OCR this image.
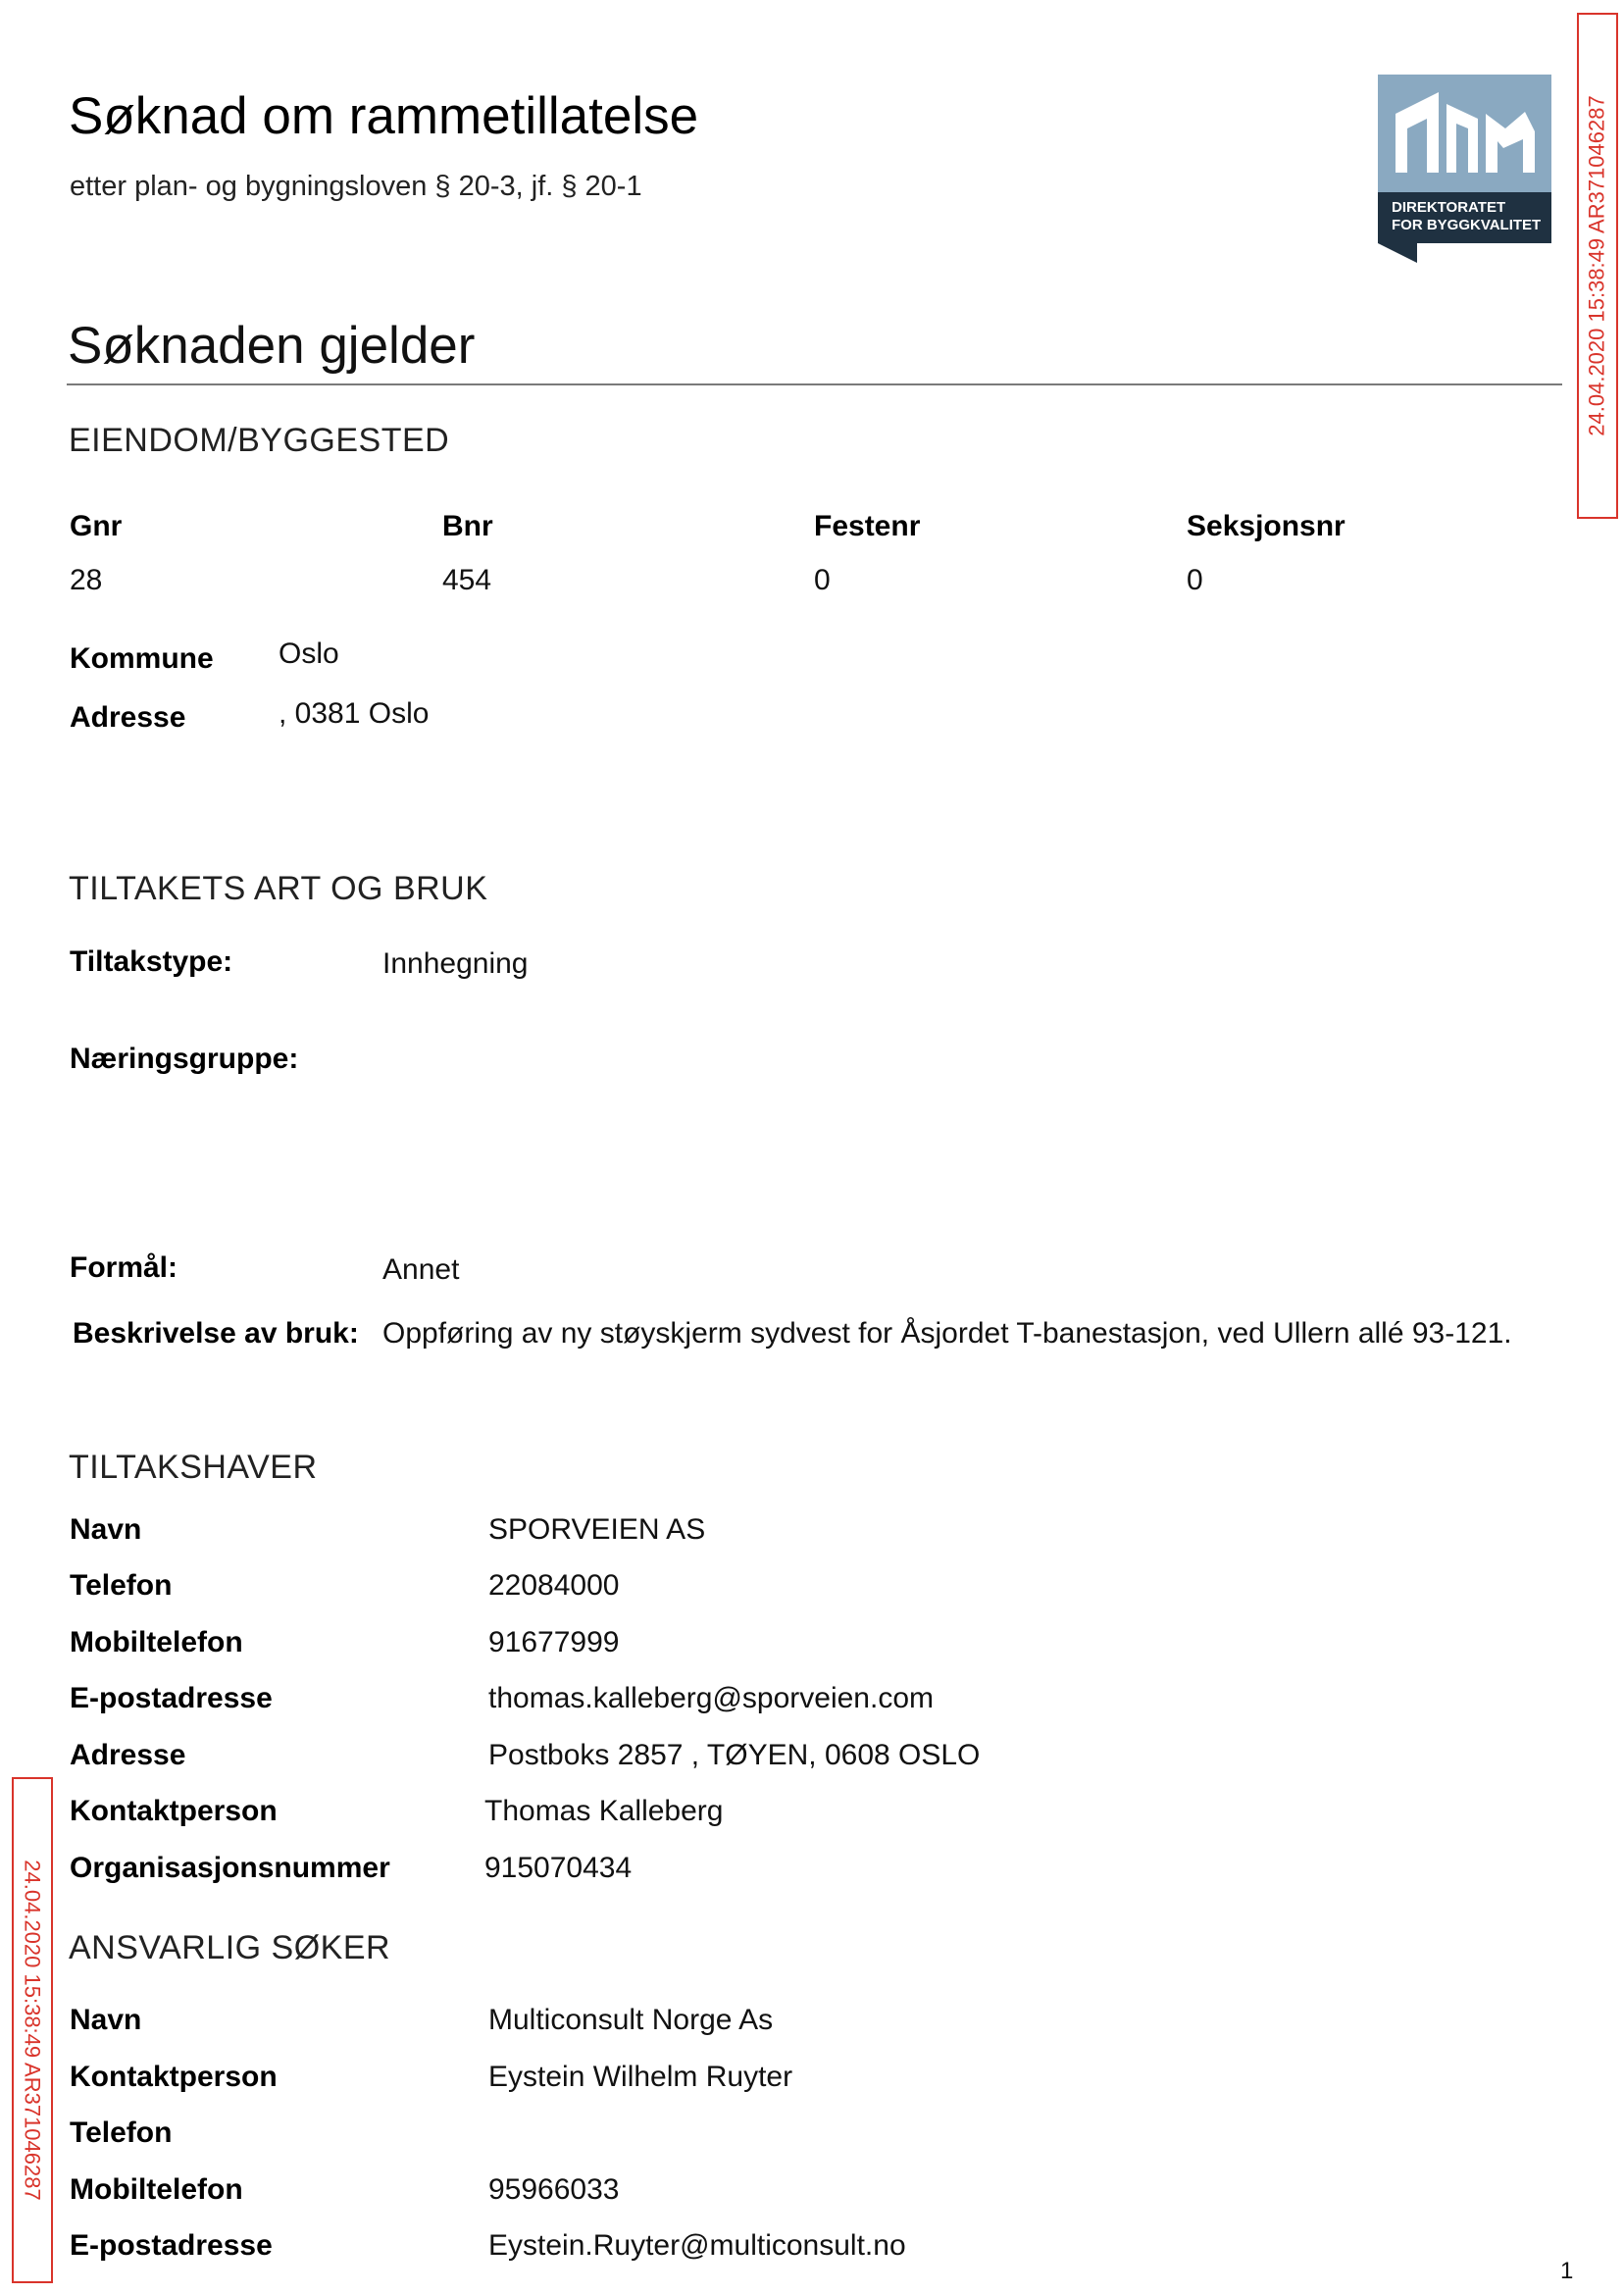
Søknad om rammetillatelse
etter plan- og bygningsloven § 20-3, jf. § 20-1
DIREKTORATET
FOR BYGGKVALITET 24.04.2020 15:38:49 AR371046287
24.04.2020 15:38:49 AR371046287
Søknaden gjelder
EIENDOM/BYGGESTED
Gnr	Bnr	Festenr	Seksjonsnr
28	454	0	0
Kommune Oslo
Adresse	, 0381 Oslo
TILTAKETS ART OG BRUK
Tiltakstype:	Innhegning
Næringsgruppe:
Formål:	Annet
Beskrivelse av bruk: Oppføring av ny støyskjerm sydvest for Åsjordet T-banestasjon, ved Ullern allé 93-121.
TILTAKSHAVER
Navn	SPORVEIEN AS
Telefon	22084000
Mobiltelefon	91677999
E-postadresse	thomas.kalleberg@sporveien.com
Adresse	Postboks 2857 , TØYEN, 0608 OSLO
Kontaktperson	Thomas Kalleberg
Organisasjonsnummer	915070434
ANSVARLIG SØKER
Navn	Multiconsult Norge As
Kontaktperson	Eystein Wilhelm Ruyter
Telefon
Mobiltelefon	95966033
E-postadresse	Eystein.Ruyter@multiconsult.no
1
